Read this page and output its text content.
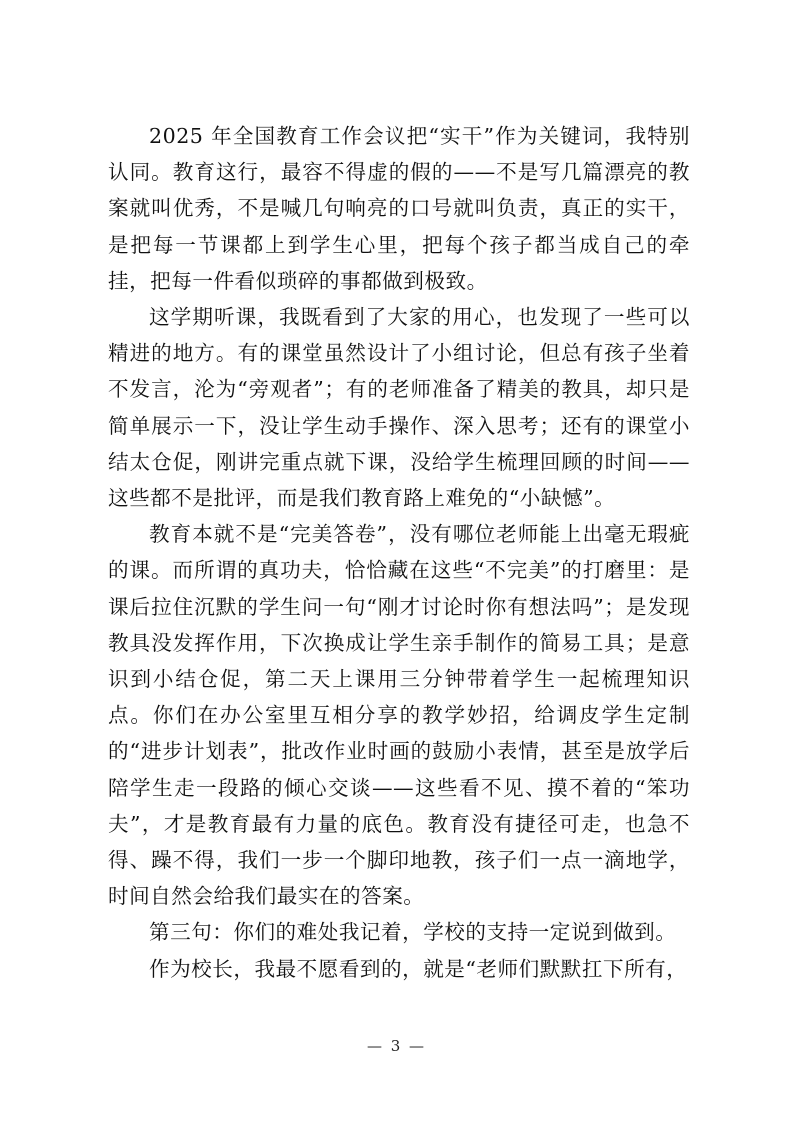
2025 年全国教育工作会议把“实干”作为关键词，我特别认同。教育这行，最容不得虚的假的——不是写几篇漂亮的教案就叫优秀，不是喊几句响亮的口号就叫负责，真正的实干，是把每一节课都上到学生心里，把每个孩子都当成自己的牵挂，把每一件看似琐碎的事都做到极致。

这学期听课，我既看到了大家的用心，也发现了一些可以精进的地方。有的课堂虽然设计了小组讨论，但总有孩子坐着不发言，沦为“旁观者”；有的老师准备了精美的教具，却只是简单展示一下，没让学生动手操作、深入思考；还有的课堂小结太仓促，刚讲完重点就下课，没给学生梳理回顾的时间——这些都不是批评，而是我们教育路上难免的“小缺憾”。

教育本就不是“完美答卷”，没有哪位老师能上出毫无瑕疵的课。而所谓的真功夫，恰恰藏在这些“不完美”的打磨里：是课后拉住沉默的学生问一句“刚才讨论时你有想法吗”；是发现教具没发挥作用，下次换成让学生亲手制作的简易工具；是意识到小结仓促，第二天上课用三分钟带着学生一起梳理知识点。你们在办公室里互相分享的教学妙招，给调皮学生定制的“进步计划表”，批改作业时画的鼓励小表情，甚至是放学后陪学生走一段路的倾心交谈——这些看不见、摸不着的“笨功夫”，才是教育最有力量的底色。教育没有捷径可走，也急不得、躁不得，我们一步一个脚印地教，孩子们一点一滴地学，时间自然会给我们最实在的答案。

第三句：你们的难处我记着，学校的支持一定说到做到。

作为校长，我最不愿看到的，就是“老师们默默扛下所有，

— 3 —
